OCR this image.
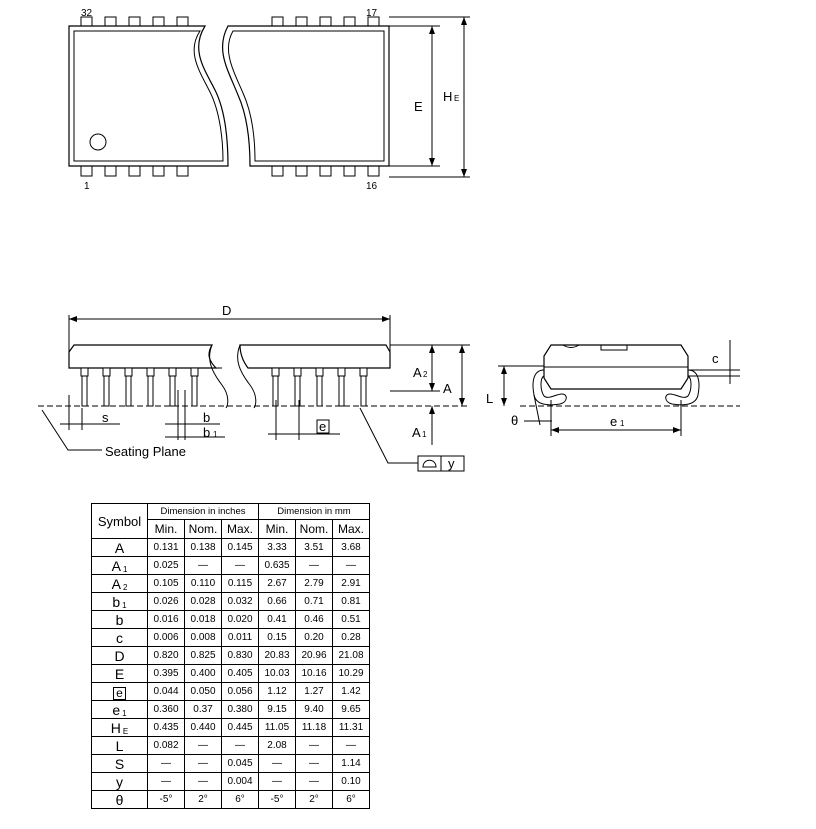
32	17
1	16
E
H E
D
A
A 2
A 1
s	b
b 1
e
Seating Plane
y
c
L
θ	e 1
Symbol	Dimension in inches			Dimension in mm		
	Min.	Nom.	Max.	Min.	Nom.	Max.
A	0.131	0.138	0.145	3.33	3.51	3.68
A $_1$	0.025	—	—	0.635	—	—
A $_2$	0.105	0.110	0.115	2.67	2.79	2.91
b $_1$	0.026	0.028	0.032	0.66	0.71	0.81
b	0.016	0.018	0.020	0.41	0.46	0.51
c	0.006	0.008	0.011	0.15	0.20	0.28
D	0.820	0.825	0.830	20.83	20.96	21.08
E	0.395	0.400	0.405	10.03	10.16	10.29
e	0.044	0.050	0.056	1.12	1.27	1.42
e $_1$	0.360	0.37	0.380	9.15	9.40	9.65
H $_E$	0.435	0.440	0.445	11.05	11.18	11.31
L	0.082	—	—	2.08	—	—
S	—	—	0.045	—	—	1.14
y	—	—	0.004	—	—	0.10
θ	-5°	2°	6°	-5°	2°	6°
